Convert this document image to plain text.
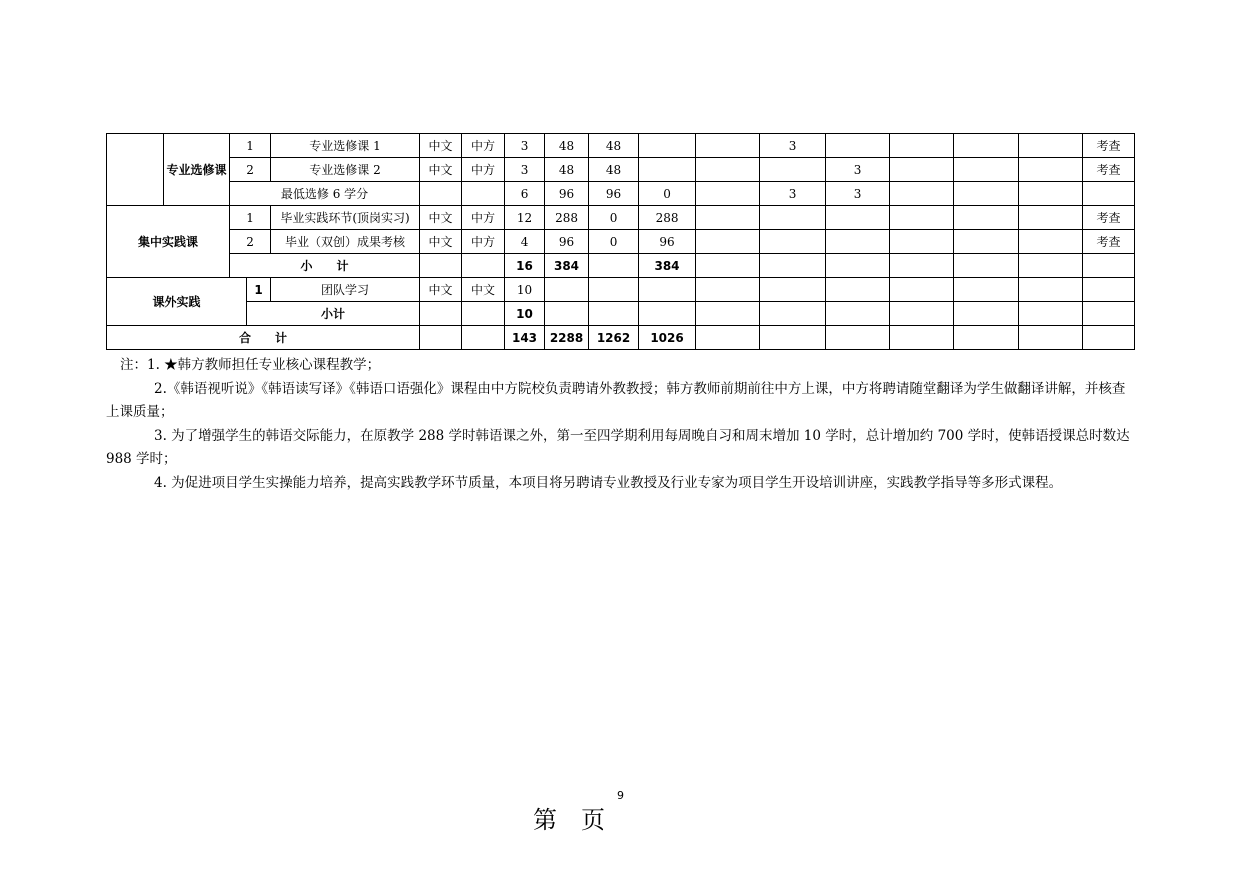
	专业选修课	1		专业选修课 1	中文	中方	3	48	48			3					考查
		2		专业选修课 2	中文	中方	3	48	48				3				考查
		最低选修 6 学分					6	96	96	0		3	3				
集中实践课		1		毕业实践环节(顶岗实习)	中文	中方	12	288	0	288							考查
		2		毕业（双创）成果考核	中文	中方	4	96	0	96							考查
		小　　计					16	384		384							
课外实践			1	团队学习	中文	中文	10										
			小计				10										
合　　计							143	2288	1262	1026							

注：1. ★韩方教师担任专业核心课程教学；

2.《韩语视听说》《韩语读写译》《韩语口语强化》课程由中方院校负责聘请外教教授；韩方教师前期前往中方上课，中方将聘请随堂翻译为学生做翻译讲解，并核查上课质量；

3. 为了增强学生的韩语交际能力，在原教学 288 学时韩语课之外，第一至四学期利用每周晚自习和周末增加 10 学时，总计增加约 700 学时，使韩语授课总时数达 988 学时；

4. 为促进项目学生实操能力培养，提高实践教学环节质量，本项目将另聘请专业教授及行业专家为项目学生开设培训讲座，实践教学指导等多形式课程。

第 页
9
